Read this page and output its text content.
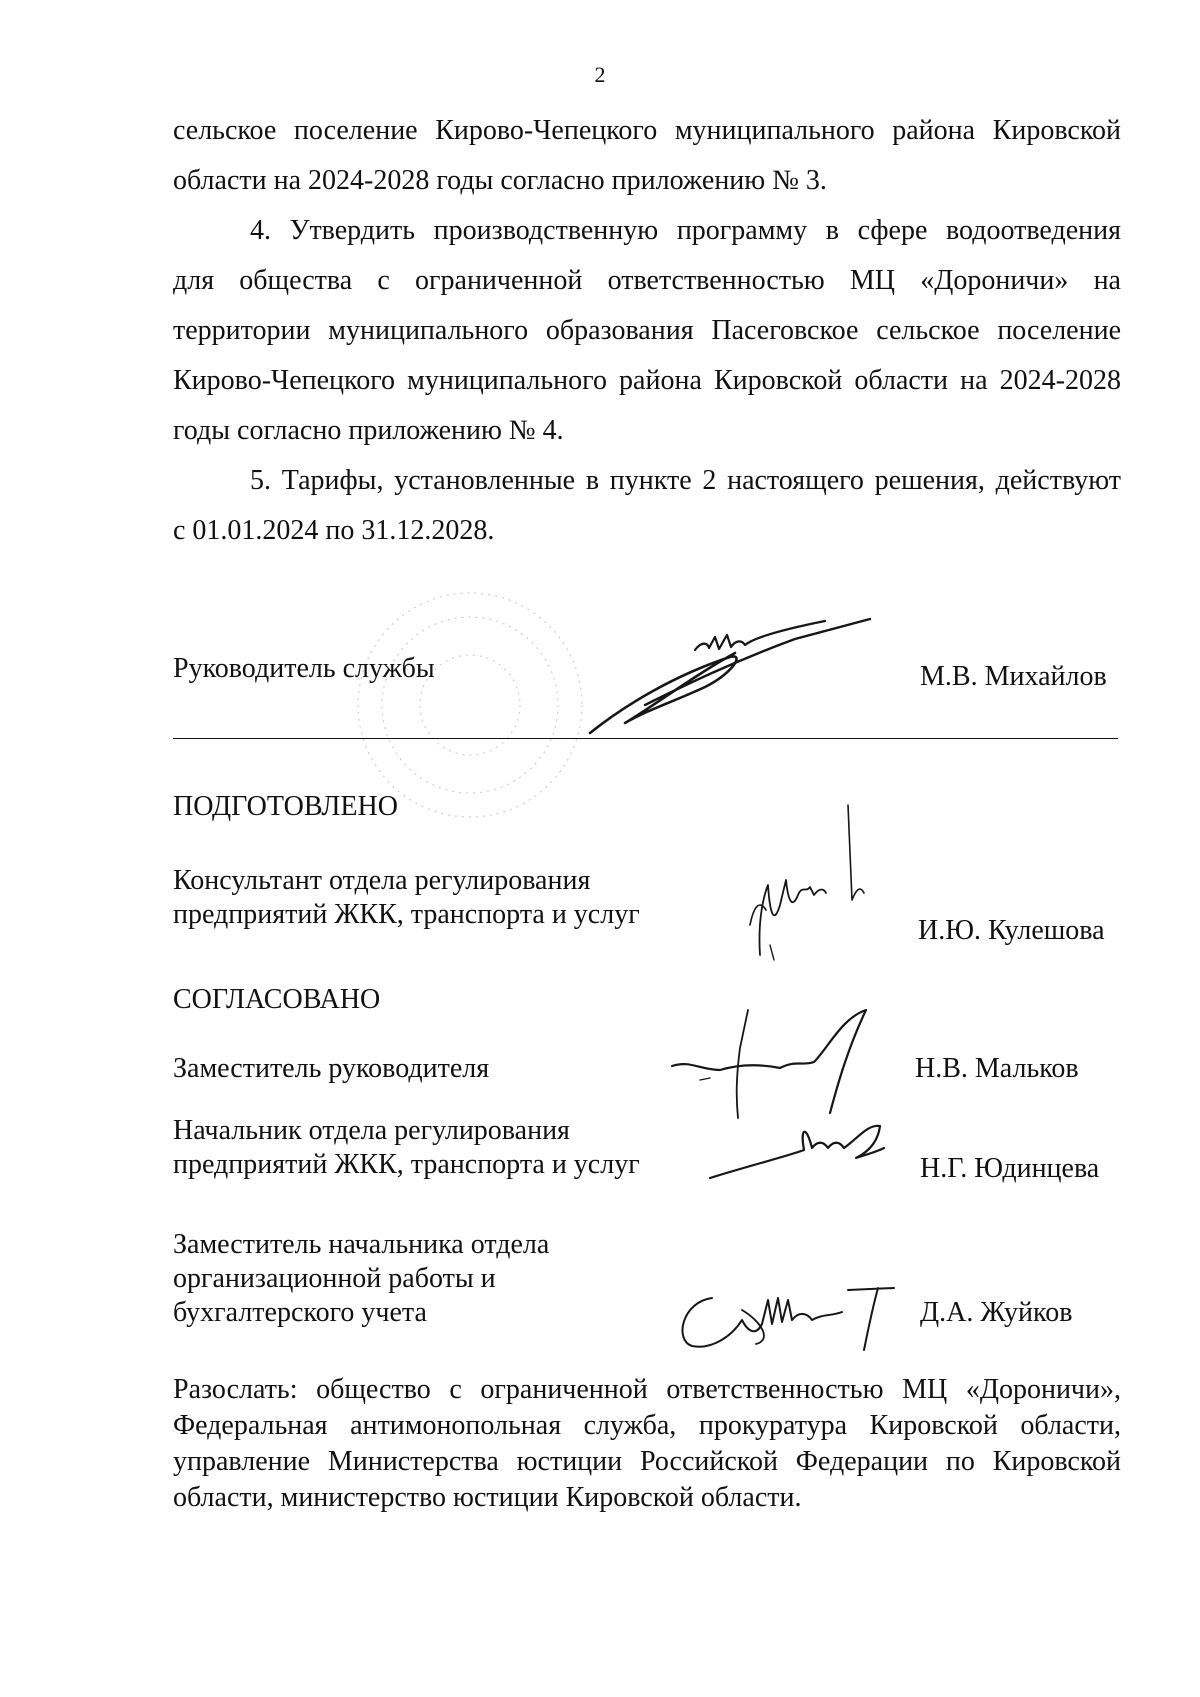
2
сельское поселение Кирово-Чепецкого муниципального района Кировской
области на 2024-2028 годы согласно приложению № 3.
4. Утвердить производственную программу в сфере водоотведения
для общества с ограниченной ответственностью МЦ «Дороничи» на
территории муниципального образования Пасеговское сельское поселение
Кирово-Чепецкого муниципального района Кировской области на 2024-2028
годы согласно приложению № 4.
5. Тарифы, установленные в пункте 2 настоящего решения, действуют
с 01.01.2024 по 31.12.2028.
Руководитель службы	М.В. Михайлов
ПОДГОТОВЛЕНО
Консультант отдела регулирования
предприятий ЖКК, транспорта и услуг
И.Ю. Кулешова
СОГЛАСОВАНО
Заместитель руководителя	Н.В. Мальков
Начальник отдела регулирования
предприятий ЖКК, транспорта и услуг	Н.Г. Юдинцева
Заместитель начальника отдела
организационной работы и
бухгалтерского учета	Д.А. Жуйков
Разослать: общество с ограниченной ответственностью МЦ «Дороничи»,
Федеральная антимонопольная служба, прокуратура Кировской области,
управление Министерства юстиции Российской Федерации по Кировской
области, министерство юстиции Кировской области.
